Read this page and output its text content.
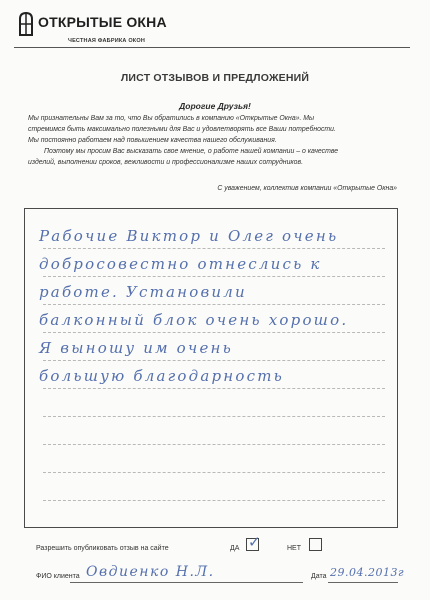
ОТКРЫТЫЕ ОКНА
ЧЕСТНАЯ ФАБРИКА ОКОН
ЛИСТ ОТЗЫВОВ И ПРЕДЛОЖЕНИЙ
Дорогие Друзья!

Мы признательны Вам за то, что Вы обратились в компанию «Открытые Окна». Мы

стремимся быть максимально полезными для Вас и удовлетворять все Ваши потребности.

Мы постоянно работаем над повышением качества нашего обслуживания.

Поэтому мы просим Вас высказать свое мнение, о работе нашей компании – о качестве

изделий, выполнении сроков, вежливости и профессионализме наших сотрудников.

С уважением, коллектив компании «Открытые Окна»
Рабочие Виктор и Олег очень
добросовестно отнеслись к
работе. Установили
балконный блок очень хорошо.
Я выношу им очень
большую благодарность
Разрешить опубликовать отзыв на сайте	ДА ✓	НЕТ
ФИО клиента Овдиенко Н.Л.	Дата 29.04.2013г
